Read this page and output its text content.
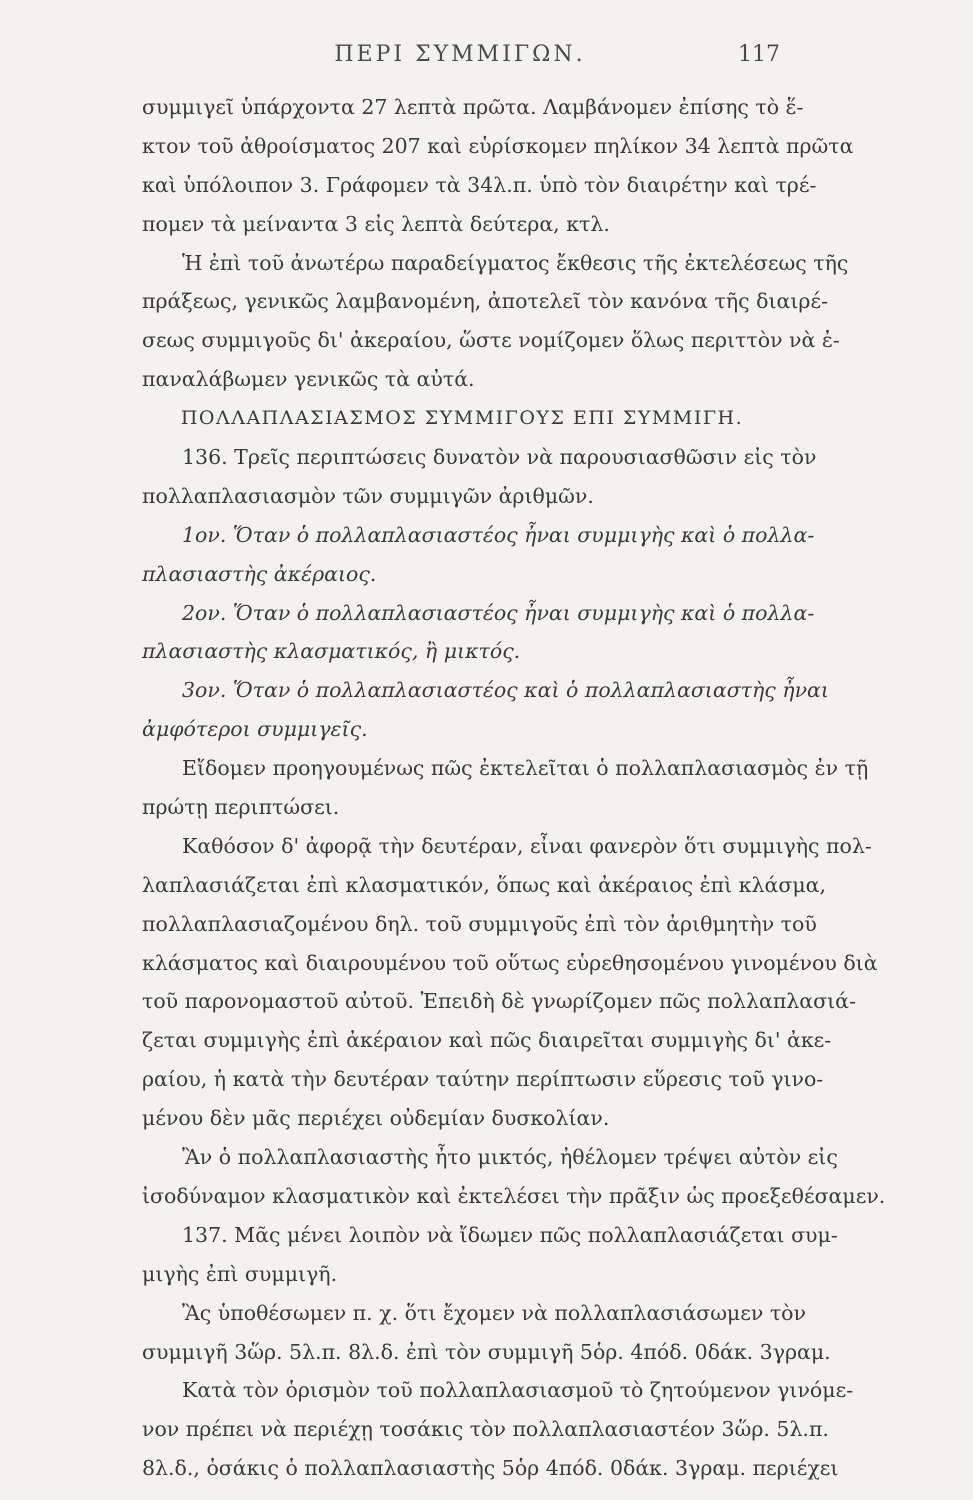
ΠΕΡΙ ΣΥΜΜΙΓΩΝ.	117
συμμιγεῖ ὑπάρχοντα 27 λεπτὰ πρῶτα. Λαμβάνομεν ἐπίσης τὸ ἕ-
κτον τοῦ ἀθροίσματος 207 καὶ εὑρίσκομεν πηλίκον 34 λεπτὰ πρῶτα
καὶ ὑπόλοιπον 3. Γράφομεν τὰ 34λ.π. ὑπὸ τὸν διαιρέτην καὶ τρέ-
πομεν τὰ μείναντα 3 εἰς λεπτὰ δεύτερα, κτλ.
Ἡ ἐπὶ τοῦ ἀνωτέρω παραδείγματος ἔκθεσις τῆς ἐκτελέσεως τῆς
πράξεως, γενικῶς λαμβανομένη, ἀποτελεῖ τὸν κανόνα τῆς διαιρέ-
σεως συμμιγοῦς δι' ἀκεραίου, ὥστε νομίζομεν ὅλως περιττὸν νὰ ἐ-
παναλάβωμεν γενικῶς τὰ αὐτά.
ΠΟΛΛΑΠΛΑΣΙΑΣΜΟΣ ΣΥΜΜΙΓΟΥΣ ΕΠΙ ΣΥΜΜΙΓΗ.
136. Τρεῖς περιπτώσεις δυνατὸν νὰ παρουσιασθῶσιν εἰς τὸν
πολλαπλασιασμὸν τῶν συμμιγῶν ἀριθμῶν.
1ον. Ὅταν ὁ πολλαπλασιαστέος ἦναι συμμιγὴς καὶ ὁ πολλα-
πλασιαστὴς ἀκέραιος.
2ον. Ὅταν ὁ πολλαπλασιαστέος ἦναι συμμιγὴς καὶ ὁ πολλα-
πλασιαστὴς κλασματικός, ἢ μικτός.
3ον. Ὅταν ὁ πολλαπλασιαστέος καὶ ὁ πολλαπλασιαστὴς ἦναι
ἀμφότεροι συμμιγεῖς.
Εἴδομεν προηγουμένως πῶς ἐκτελεῖται ὁ πολλαπλασιασμὸς ἐν τῇ
πρώτῃ περιπτώσει.
Καθόσον δ' ἀφορᾷ τὴν δευτέραν, εἶναι φανερὸν ὅτι συμμιγὴς πολ-
λαπλασιάζεται ἐπὶ κλασματικόν, ὅπως καὶ ἀκέραιος ἐπὶ κλάσμα,
πολλαπλασιαζομένου δηλ. τοῦ συμμιγοῦς ἐπὶ τὸν ἀριθμητὴν τοῦ
κλάσματος καὶ διαιρουμένου τοῦ οὕτως εὑρεθησομένου γινομένου διὰ
τοῦ παρονομαστοῦ αὐτοῦ. Ἐπειδὴ δὲ γνωρίζομεν πῶς πολλαπλασιά-
ζεται συμμιγὴς ἐπὶ ἀκέραιον καὶ πῶς διαιρεῖται συμμιγὴς δι' ἀκε-
ραίου, ἡ κατὰ τὴν δευτέραν ταύτην περίπτωσιν εὕρεσις τοῦ γινο-
μένου δὲν μᾶς περιέχει οὐδεμίαν δυσκολίαν.
Ἂν ὁ πολλαπλασιαστὴς ἦτο μικτός, ἠθέλομεν τρέψει αὐτὸν εἰς
ἰσοδύναμον κλασματικὸν καὶ ἐκτελέσει τὴν πρᾶξιν ὡς προεξεθέσαμεν.
137. Μᾶς μένει λοιπὸν νὰ ἴδωμεν πῶς πολλαπλασιάζεται συμ-
μιγὴς ἐπὶ συμμιγῆ.
Ἂς ὑποθέσωμεν π. χ. ὅτι ἔχομεν νὰ πολλαπλασιάσωμεν τὸν
συμμιγῆ 3ὥρ. 5λ.π. 8λ.δ. ἐπὶ τὸν συμμιγῆ 5ὁρ. 4πόδ. 0δάκ. 3γραμ.
Κατὰ τὸν ὁρισμὸν τοῦ πολλαπλασιασμοῦ τὸ ζητούμενον γινόμε-
νον πρέπει νὰ περιέχῃ τοσάκις τὸν πολλαπλασιαστέον 3ὥρ. 5λ.π.
8λ.δ., ὁσάκις ὁ πολλαπλασιαστὴς 5ὁρ 4πόδ. 0δάκ. 3γραμ. περιέχει
